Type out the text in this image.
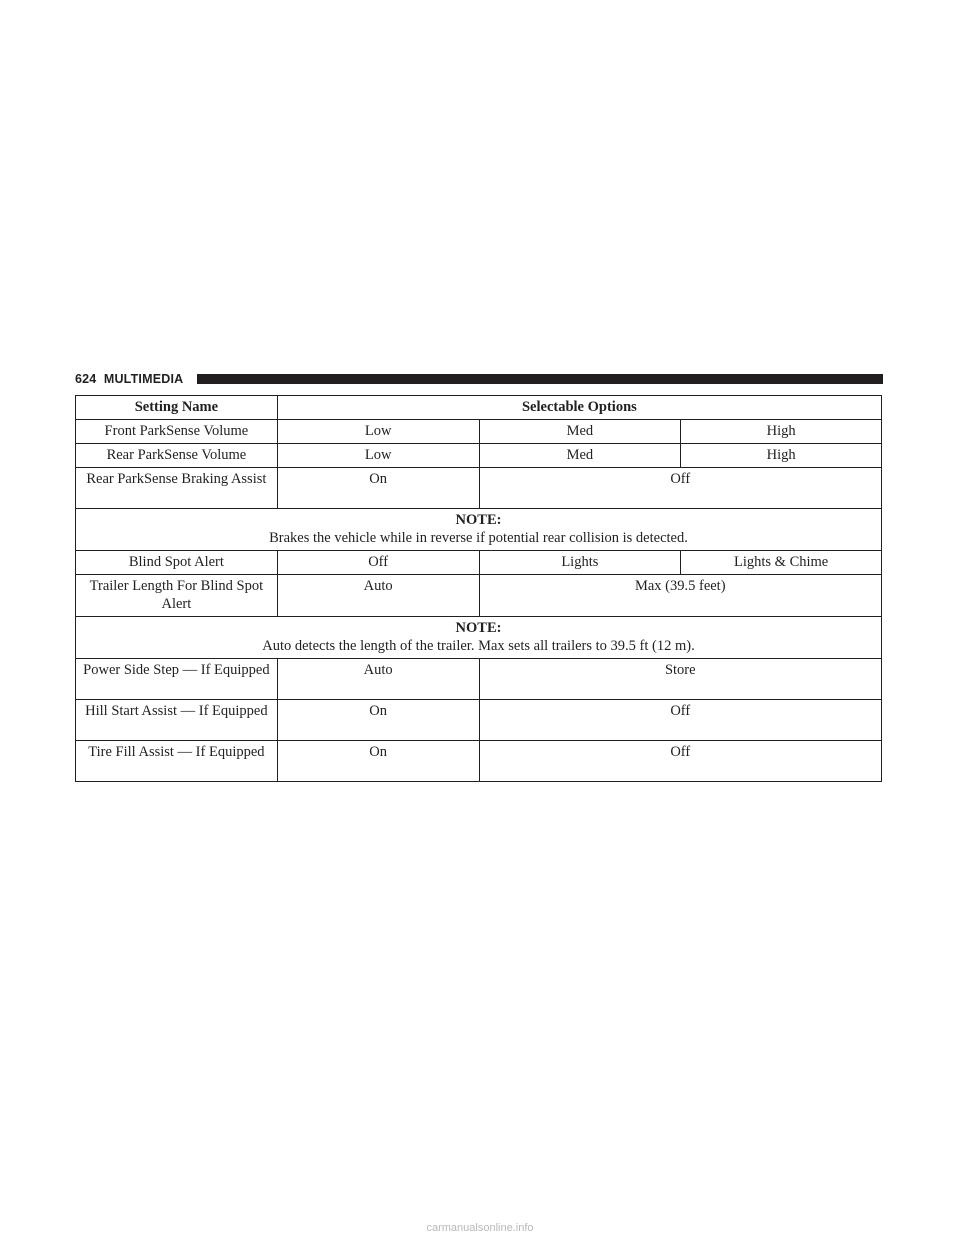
624 MULTIMEDIA
Setting Name	Selectable Options		
Front ParkSense Volume	Low	Med	High
Rear ParkSense Volume	Low	Med	High
Rear ParkSense Braking Assist	On	Off	

NOTE:
Brakes the vehicle while in reverse if potential rear collision is detected.			
Blind Spot Alert	Off	Lights	Lights & Chime
Trailer Length For Blind Spot Alert	Auto	Max (39.5 feet)	

NOTE:
Auto detects the length of the trailer. Max sets all trailers to 39.5 ft (12 m).			
Power Side Step — If Equipped	Auto	Store	
Hill Start Assist — If Equipped	On	Off	
Tire Fill Assist — If Equipped	On	Off	
carmanualsonline.info
